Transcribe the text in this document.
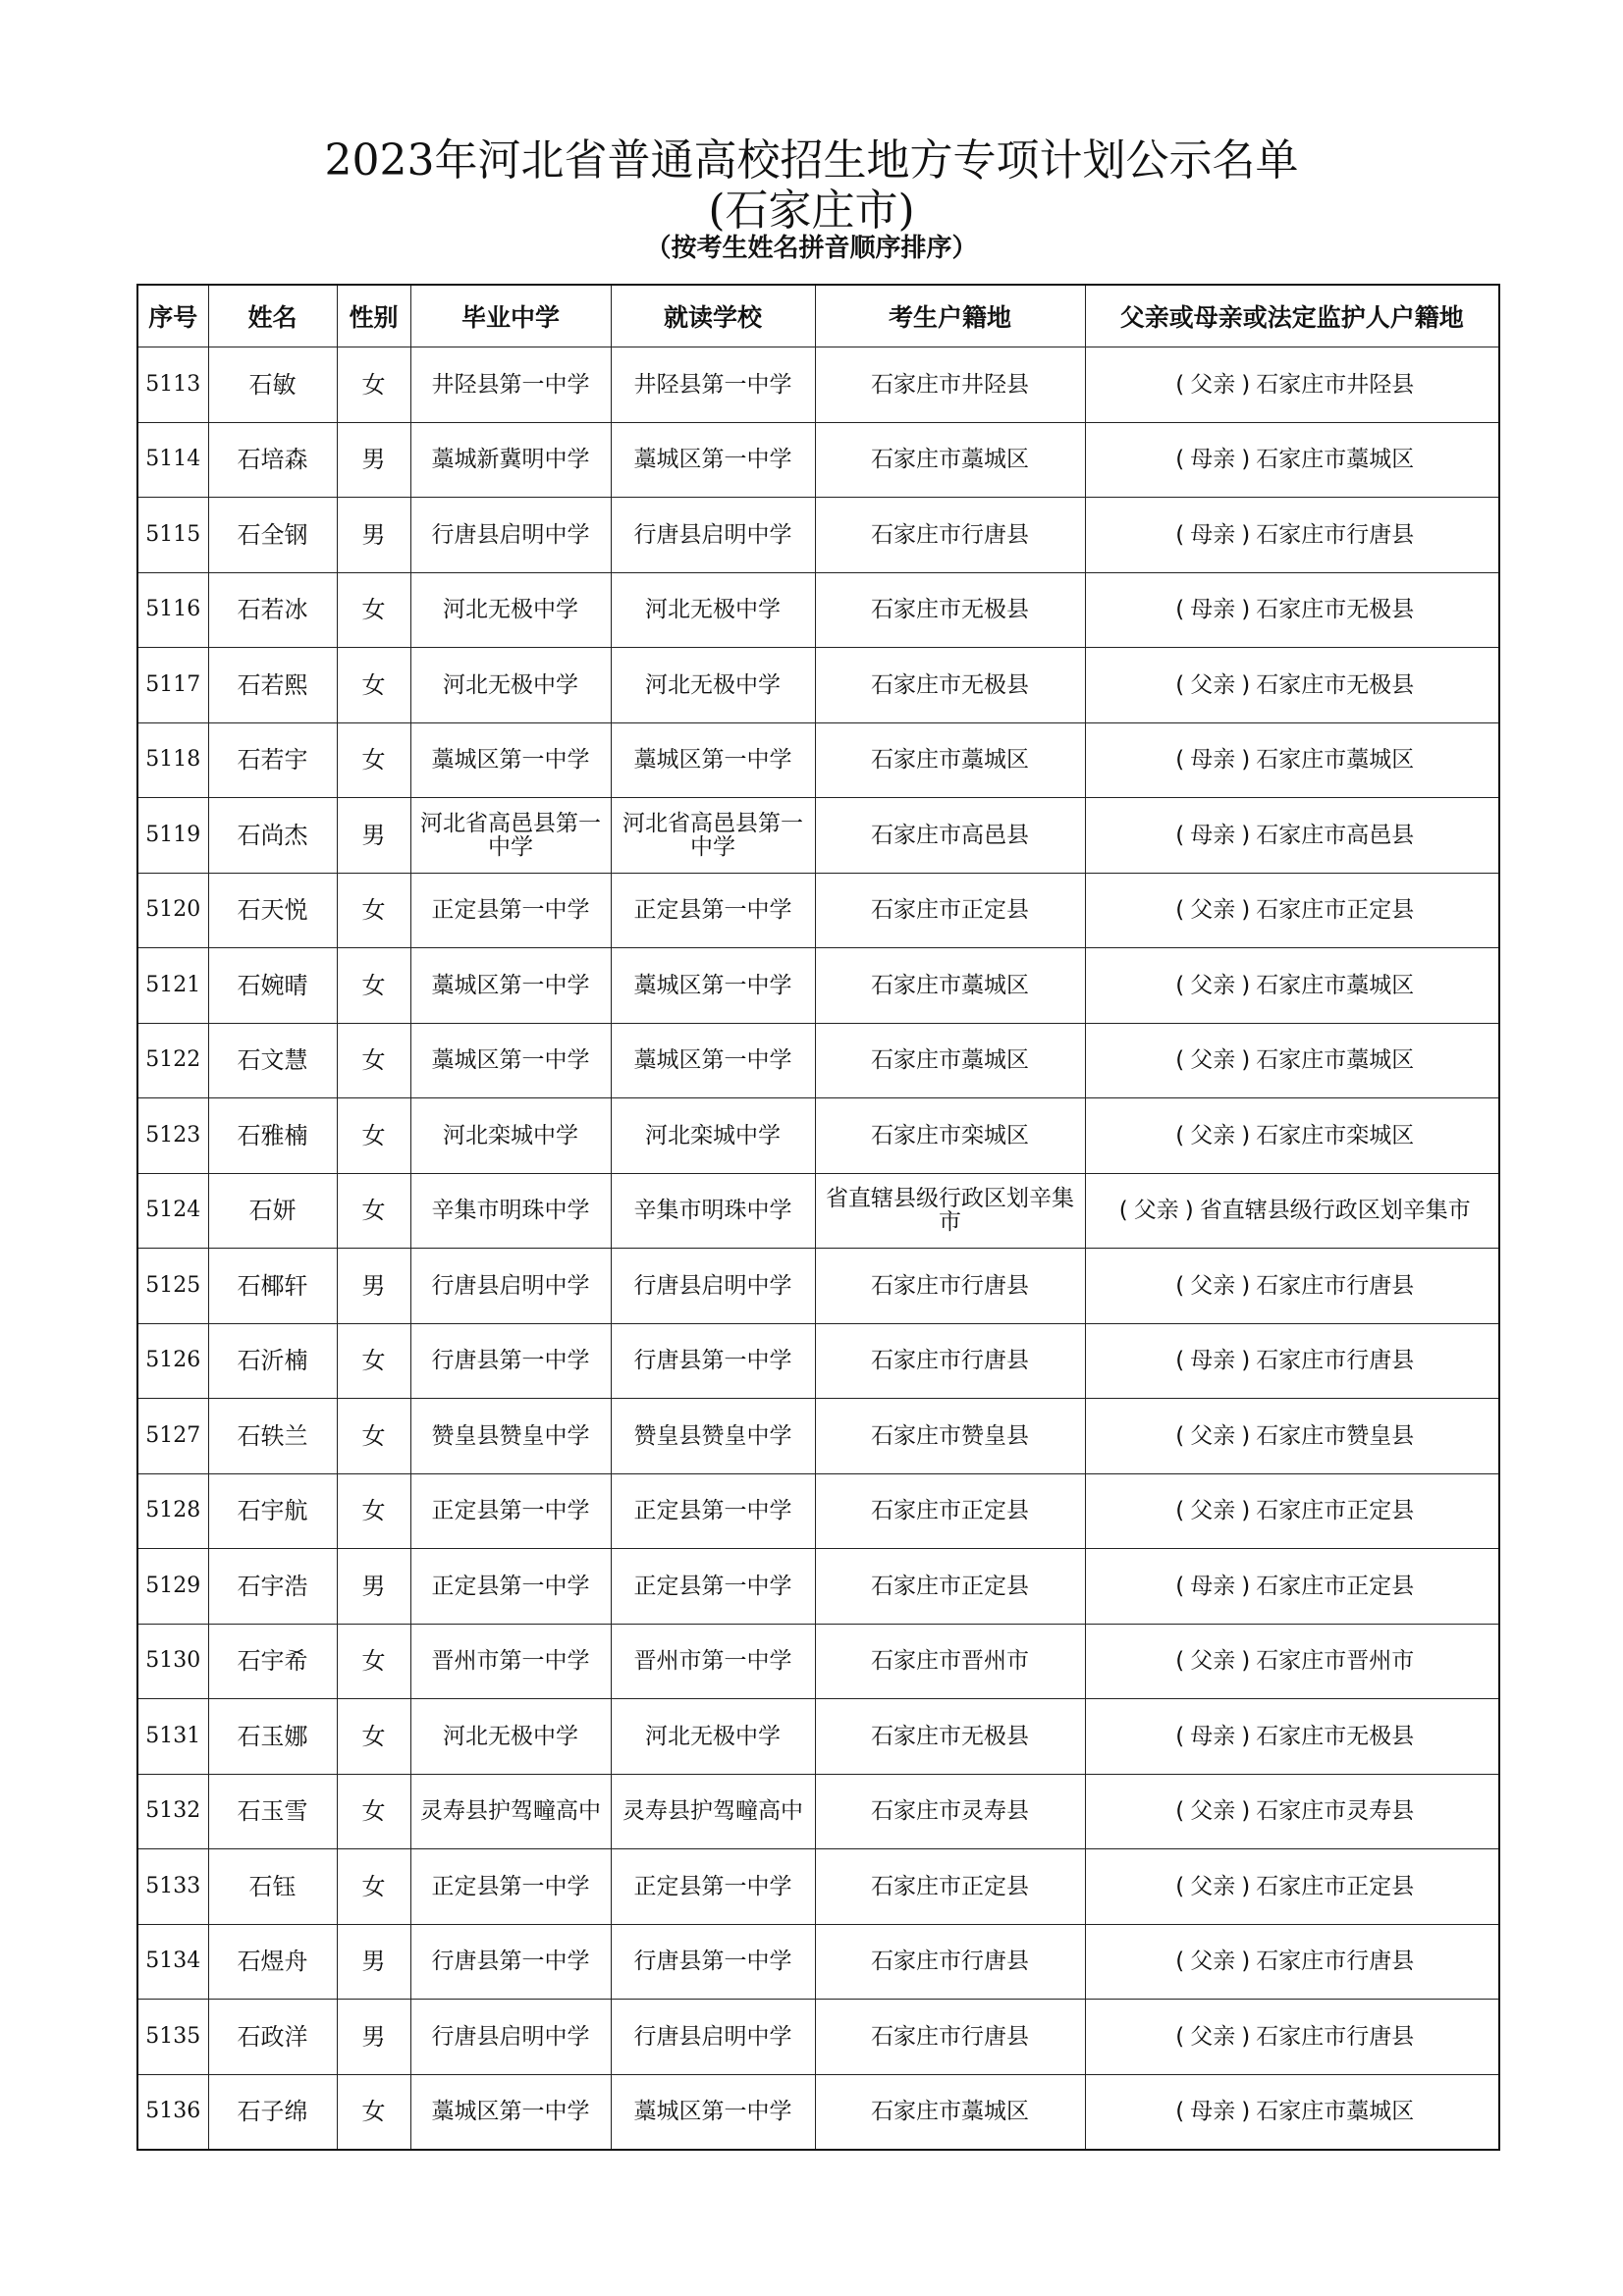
2023年河北省普通高校招生地方专项计划公示名单
(石家庄市)
（按考生姓名拼音顺序排序）
序号	姓名	性别	毕业中学	就读学校	考生户籍地	父亲或母亲或法定监护人户籍地
5113	石敏	女	井陉县第一中学	井陉县第一中学	石家庄市井陉县	( 父亲 ) 石家庄市井陉县
5114	石培森	男	藁城新冀明中学	藁城区第一中学	石家庄市藁城区	( 母亲 ) 石家庄市藁城区
5115	石全钢	男	行唐县启明中学	行唐县启明中学	石家庄市行唐县	( 母亲 ) 石家庄市行唐县
5116	石若冰	女	河北无极中学	河北无极中学	石家庄市无极县	( 母亲 ) 石家庄市无极县
5117	石若熙	女	河北无极中学	河北无极中学	石家庄市无极县	( 父亲 ) 石家庄市无极县
5118	石若宇	女	藁城区第一中学	藁城区第一中学	石家庄市藁城区	( 母亲 ) 石家庄市藁城区
5119	石尚杰	男	河北省高邑县第一中学	河北省高邑县第一中学	石家庄市高邑县	( 母亲 ) 石家庄市高邑县
5120	石天悦	女	正定县第一中学	正定县第一中学	石家庄市正定县	( 父亲 ) 石家庄市正定县
5121	石婉晴	女	藁城区第一中学	藁城区第一中学	石家庄市藁城区	( 父亲 ) 石家庄市藁城区
5122	石文慧	女	藁城区第一中学	藁城区第一中学	石家庄市藁城区	( 父亲 ) 石家庄市藁城区
5123	石雅楠	女	河北栾城中学	河北栾城中学	石家庄市栾城区	( 父亲 ) 石家庄市栾城区
5124	石妍	女	辛集市明珠中学	辛集市明珠中学	省直辖县级行政区划辛集市	( 父亲 ) 省直辖县级行政区划辛集市
5125	石椰轩	男	行唐县启明中学	行唐县启明中学	石家庄市行唐县	( 父亲 ) 石家庄市行唐县
5126	石沂楠	女	行唐县第一中学	行唐县第一中学	石家庄市行唐县	( 母亲 ) 石家庄市行唐县
5127	石轶兰	女	赞皇县赞皇中学	赞皇县赞皇中学	石家庄市赞皇县	( 父亲 ) 石家庄市赞皇县
5128	石宇航	女	正定县第一中学	正定县第一中学	石家庄市正定县	( 父亲 ) 石家庄市正定县
5129	石宇浩	男	正定县第一中学	正定县第一中学	石家庄市正定县	( 母亲 ) 石家庄市正定县
5130	石宇希	女	晋州市第一中学	晋州市第一中学	石家庄市晋州市	( 父亲 ) 石家庄市晋州市
5131	石玉娜	女	河北无极中学	河北无极中学	石家庄市无极县	( 母亲 ) 石家庄市无极县
5132	石玉雪	女	灵寿县护驾疃高中	灵寿县护驾疃高中	石家庄市灵寿县	( 父亲 ) 石家庄市灵寿县
5133	石钰	女	正定县第一中学	正定县第一中学	石家庄市正定县	( 父亲 ) 石家庄市正定县
5134	石煜舟	男	行唐县第一中学	行唐县第一中学	石家庄市行唐县	( 父亲 ) 石家庄市行唐县
5135	石政洋	男	行唐县启明中学	行唐县启明中学	石家庄市行唐县	( 父亲 ) 石家庄市行唐县
5136	石子绵	女	藁城区第一中学	藁城区第一中学	石家庄市藁城区	( 母亲 ) 石家庄市藁城区
